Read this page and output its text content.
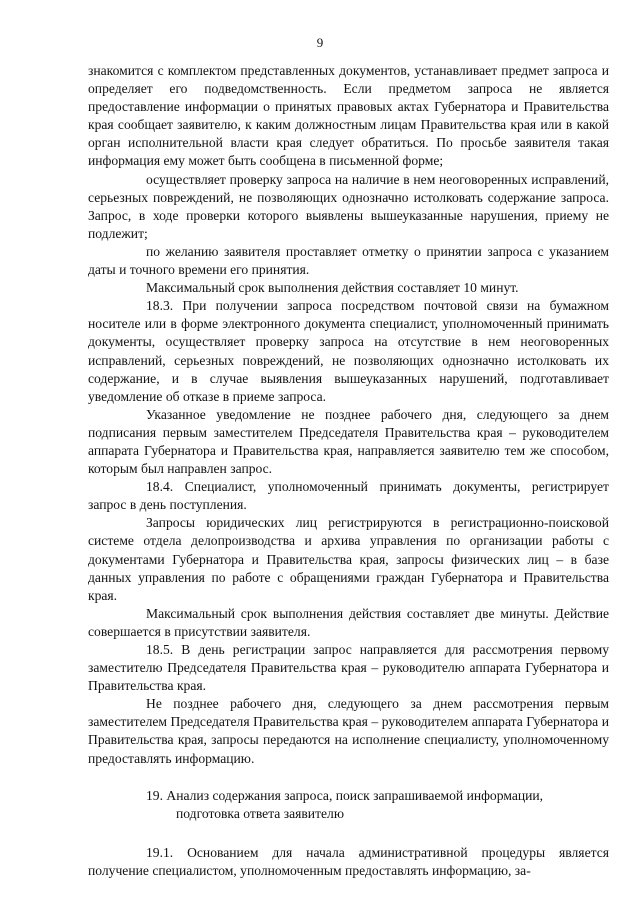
9

знакомится с комплектом представленных документов, устанавливает предмет запроса и определяет его подведомственность. Если предметом запроса не является предоставление информации о принятых правовых актах Губернатора и Правительства края сообщает заявителю, к каким должностным лицам Правительства края или в какой орган исполнительной власти края следует обратиться. По просьбе заявителя такая информация ему может быть сообщена в письменной форме;

осуществляет проверку запроса на наличие в нем неоговоренных исправлений, серьезных повреждений, не позволяющих однозначно истолковать содержание запроса. Запрос, в ходе проверки которого выявлены вышеуказанные нарушения, приему не подлежит;

по желанию заявителя проставляет отметку о принятии запроса с указанием даты и точного времени его принятия.

Максимальный срок выполнения действия составляет 10 минут.

18.3. При получении запроса посредством почтовой связи на бумажном носителе или в форме электронного документа специалист, уполномоченный принимать документы, осуществляет проверку запроса на отсутствие в нем неоговоренных исправлений, серьезных повреждений, не позволяющих однозначно истолковать их содержание, и в случае выявления вышеуказанных нарушений, подготавливает уведомление об отказе в приеме запроса.

Указанное уведомление не позднее рабочего дня, следующего за днем подписания первым заместителем Председателя Правительства края – руководителем аппарата Губернатора и Правительства края, направляется заявителю тем же способом, которым был направлен запрос.

18.4. Специалист, уполномоченный принимать документы, регистрирует запрос в день поступления.

Запросы юридических лиц регистрируются в регистрационно-поисковой системе отдела делопроизводства и архива управления по организации работы с документами Губернатора и Правительства края, запросы физических лиц – в базе данных управления по работе с обращениями граждан Губернатора и Правительства края.

Максимальный срок выполнения действия составляет две минуты. Действие совершается в присутствии заявителя.

18.5. В день регистрации запрос направляется для рассмотрения первому заместителю Председателя Правительства края – руководителю аппарата Губернатора и Правительства края.

Не позднее рабочего дня, следующего за днем рассмотрения первым заместителем Председателя Правительства края – руководителем аппарата Губернатора и Правительства края, запросы передаются на исполнение специалисту, уполномоченному предоставлять информацию.

19. Анализ содержания запроса, поиск запрашиваемой информации,
подготовка ответа заявителю

19.1. Основанием для начала административной процедуры является получение специалистом, уполномоченным предоставлять информацию, за-
